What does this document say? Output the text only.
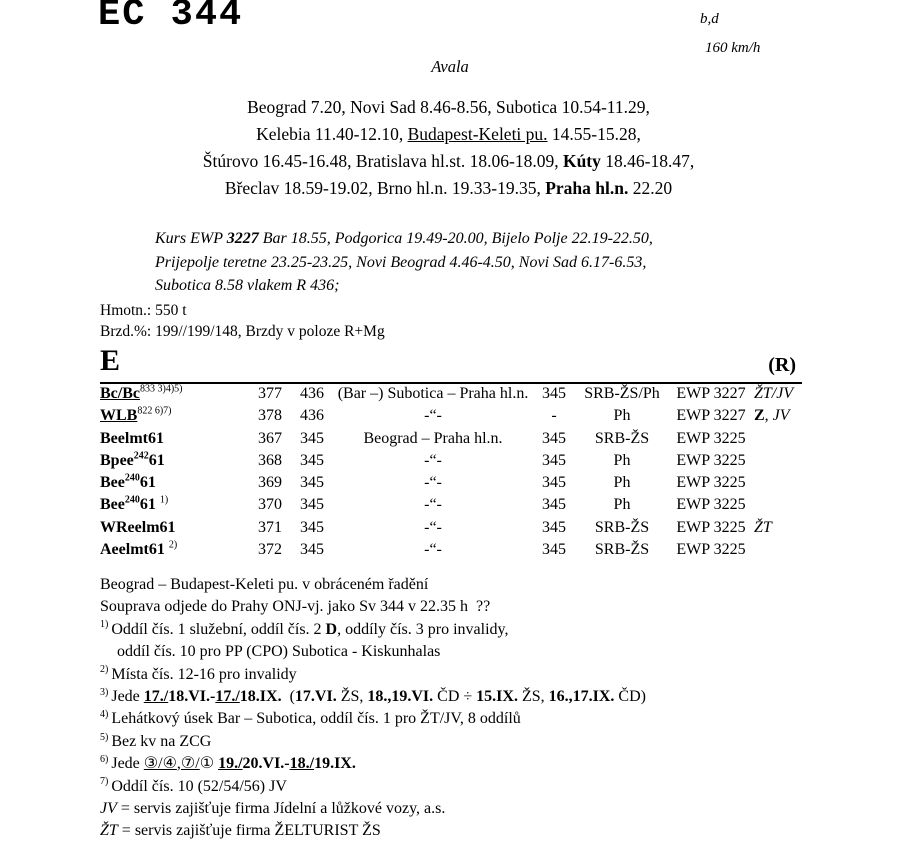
EC 344	b,d
160 km/h
Avala
Beograd 7.20, Novi Sad 8.46-8.56, Subotica 10.54-11.29,
Kelebia 11.40-12.10, Budapest-Keleti pu. 14.55-15.28,
Štúrovo 16.45-16.48, Bratislava hl.st. 18.06-18.09, Kúty 18.46-18.47,
Břeclav 18.59-19.02, Brno hl.n. 19.33-19.35, Praha hl.n. 22.20
Kurs EWP 3227 Bar 18.55, Podgorica 19.49-20.00, Bijelo Polje 22.19-22.50,
Prijepolje teretne 23.25-23.25, Novi Beograd 4.46-4.50, Novi Sad 6.17-6.53,
Subotica 8.58 vlakem R 436;
Hmotn.: 550 t
Brzd.%: 199//199/148, Brzdy v poloze R+Mg
E	(R)
$Bc/Bc^{833 3)4)5)}$	377	436	(Bar –) Subotica – Praha hl.n.	345	SRB-ŽS/Ph	EWP 3227	ŽT/JV
$WLB^{822 6)7)}$	378	436	-“-	-	Ph	EWP 3227	Z, JV
Beelmt61	367	345	Beograd – Praha hl.n.	345	SRB-ŽS	EWP 3225	
Bpee$^{242}$61	368	345	-“-	345	Ph	EWP 3225	
Bee$^{240}$61	369	345	-“-	345	Ph	EWP 3225	
Bee$^{240}$61 $^{1)}$	370	345	-“-	345	Ph	EWP 3225	
WReelm61	371	345	-“-	345	SRB-ŽS	EWP 3225	ŽT
Aeelmt61 $^{2)}$	372	345	-“-	345	SRB-ŽS	EWP 3225	
Beograd – Budapest-Keleti pu. v obráceném řadění
Souprava odjede do Prahy ONJ-vj. jako Sv 344 v 22.35 h  ??
$^{1)}$ Oddíl čís. 1 služební, oddíl čís. 2 D, oddíly čís. 3 pro invalidy,
oddíl čís. 10 pro PP (CPO) Subotica - Kiskunhalas
$^{2)}$ Místa čís. 12-16 pro invalidy
$^{3)}$ Jede 17./18.VI.-17./18.IX.  (17.VI. ŽS, 18.,19.VI. ČD ÷ 15.IX. ŽS, 16.,17.IX. ČD)
$^{4)}$ Lehátkový úsek Bar – Subotica, oddíl čís. 1 pro ŽT/JV, 8 oddílů
$^{5)}$ Bez kv na ZCG
$^{6)}$ Jede ③/④,⑦/① 19./20.VI.-18./19.IX.
$^{7)}$ Oddíl čís. 10 (52/54/56) JV
JV = servis zajišťuje firma Jídelní a lůžkové vozy, a.s.
ŽT = servis zajišťuje firma ŽELTURIST ŽS
